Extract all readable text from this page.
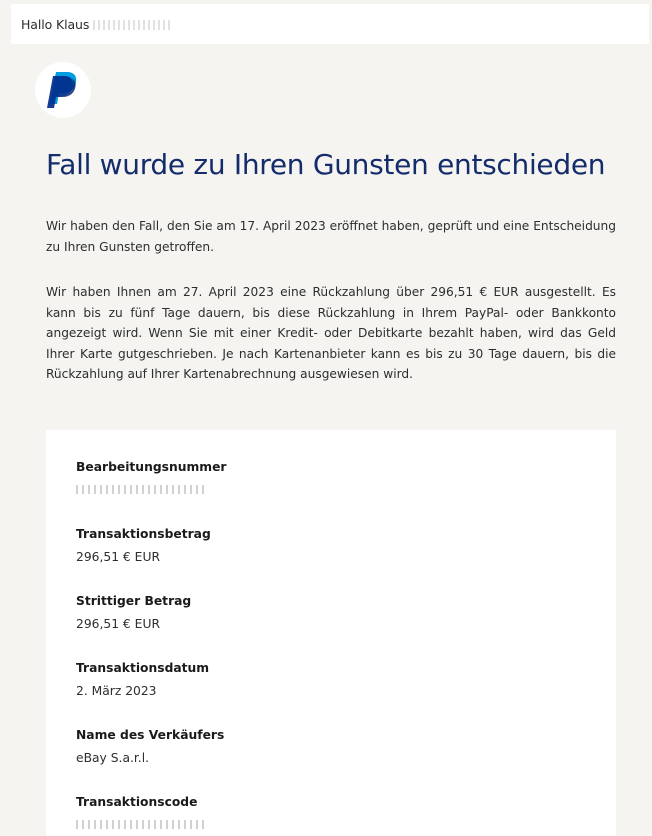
Hallo Klaus
Fall wurde zu Ihren Gunsten entschieden

Wir haben den Fall, den Sie am 17. April 2023 eröffnet haben, geprüft und eine Entscheidung zu Ihren Gunsten getroffen.

Wir haben Ihnen am 27. April 2023 eine Rückzahlung über 296,51 € EUR ausgestellt. Es kann bis zu fünf Tage dauern, bis diese Rückzahlung in Ihrem PayPal- oder Bankkonto angezeigt wird. Wenn Sie mit einer Kredit- oder Debitkarte bezahlt haben, wird das Geld Ihrer Karte gutgeschrieben. Je nach Kartenanbieter kann es bis zu 30 Tage dauern, bis die Rückzahlung auf Ihrer Kartenabrechnung ausgewiesen wird.

Bearbeitungsnummer
Transaktionsbetrag
296,51 € EUR
Strittiger Betrag
296,51 € EUR
Transaktionsdatum
2. März 2023
Name des Verkäufers
eBay S.a.r.l.
Transaktionscode
